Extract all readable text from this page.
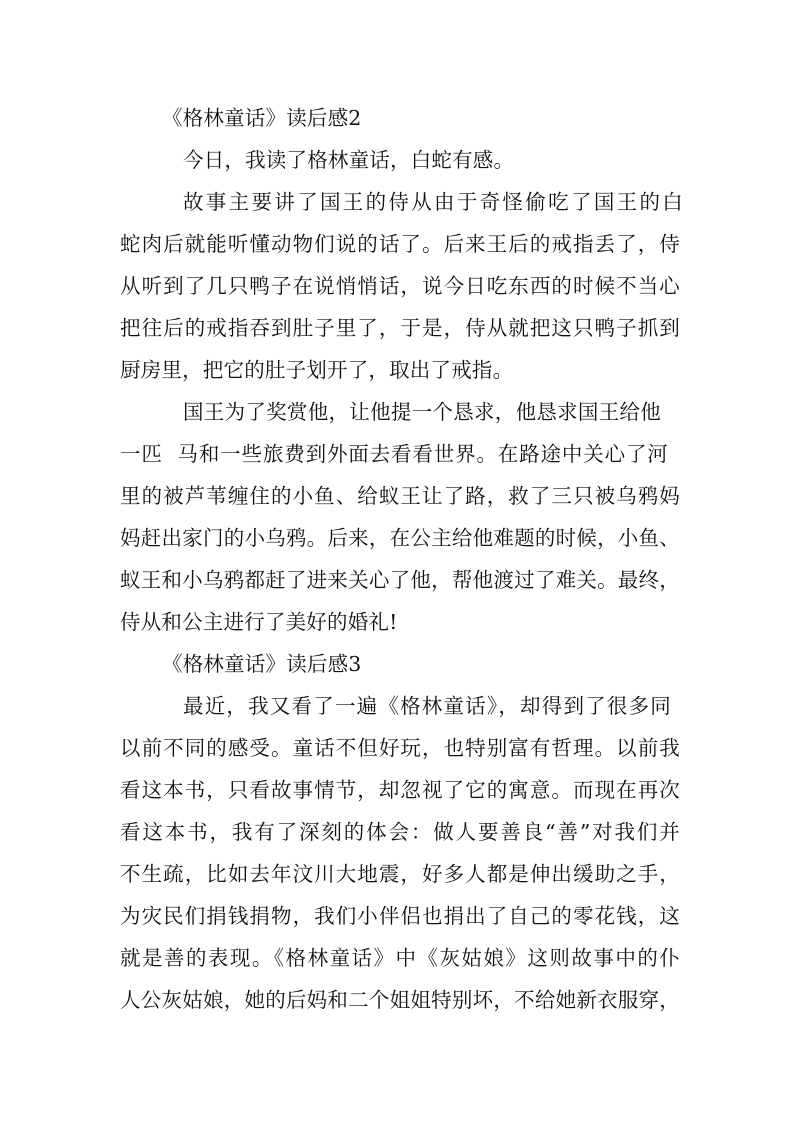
《格林童话》读后感2
今日，我读了格林童话，白蛇有感。
故事主要讲了国王的侍从由于奇怪偷吃了国王的白
蛇肉后就能听懂动物们说的话了。后来王后的戒指丢了，侍
从听到了几只鸭子在说悄悄话，说今日吃东西的时候不当心
把往后的戒指吞到肚子里了，于是，侍从就把这只鸭子抓到
厨房里，把它的肚子划开了，取出了戒指。
国王为了奖赏他，让他提一个恳求，他恳求国王给他
一匹  马和一些旅费到外面去看看世界。在路途中关心了河
里的被芦苇缠住的小鱼、给蚁王让了路，救了三只被乌鸦妈
妈赶出家门的小乌鸦。后来，在公主给他难题的时候，小鱼、
蚁王和小乌鸦都赶了进来关心了他，帮他渡过了难关。最终，
侍从和公主进行了美好的婚礼!
《格林童话》读后感3
最近，我又看了一遍《格林童话》，却得到了很多同
以前不同的感受。童话不但好玩，也特别富有哲理。以前我
看这本书，只看故事情节，却忽视了它的寓意。而现在再次
看这本书，我有了深刻的体会：做人要善良“善”对我们并
不生疏，比如去年汶川大地震，好多人都是伸出缓助之手，
为灾民们捐钱捐物，我们小伴侣也捐出了自己的零花钱，这
就是善的表现。《格林童话》中《灰姑娘》这则故事中的仆
人公灰姑娘，她的后妈和二个姐姐特别坏，不给她新衣服穿，
